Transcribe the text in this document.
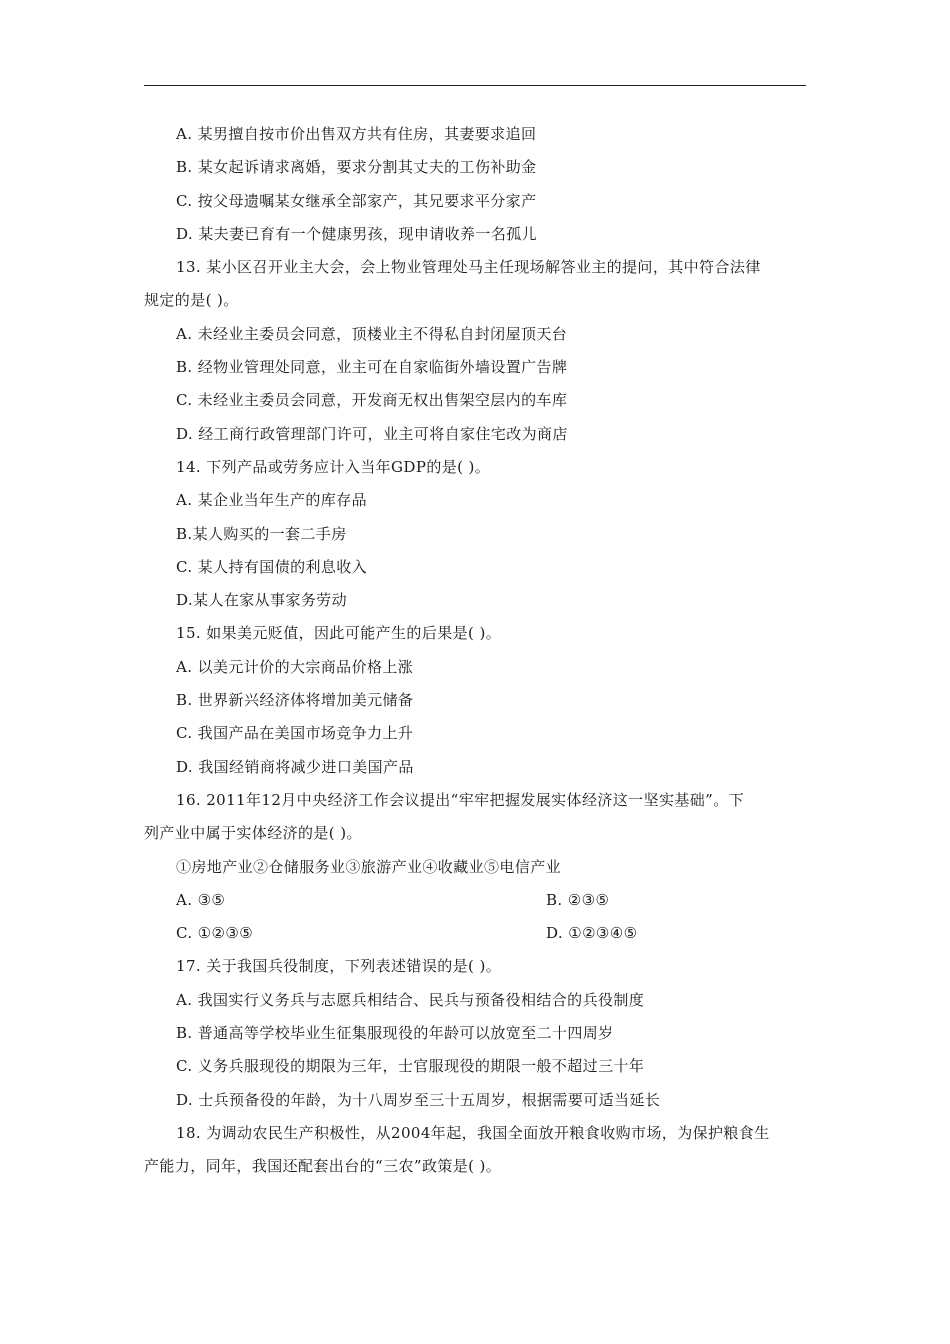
A. 某男擅自按市价出售双方共有住房，其妻要求追回
B. 某女起诉请求离婚，要求分割其丈夫的工伤补助金
C. 按父母遗嘱某女继承全部家产，其兄要求平分家产
D. 某夫妻已育有一个健康男孩，现申请收养一名孤儿
13. 某小区召开业主大会，会上物业管理处马主任现场解答业主的提问，其中符合法律
规定的是( )。
A. 未经业主委员会同意，顶楼业主不得私自封闭屋顶天台
B. 经物业管理处同意，业主可在自家临街外墙设置广告牌
C. 未经业主委员会同意，开发商无权出售架空层内的车库
D. 经工商行政管理部门许可，业主可将自家住宅改为商店
14. 下列产品或劳务应计入当年GDP的是( )。
A. 某企业当年生产的库存品
B.某人购买的一套二手房
C. 某人持有国债的利息收入
D.某人在家从事家务劳动
15. 如果美元贬值，因此可能产生的后果是( )。
A. 以美元计价的大宗商品价格上涨
B. 世界新兴经济体将增加美元储备
C. 我国产品在美国市场竞争力上升
D. 我国经销商将减少进口美国产品
16. 2011年12月中央经济工作会议提出“牢牢把握发展实体经济这一坚实基础”。下
列产业中属于实体经济的是( )。
①房地产业②仓储服务业③旅游产业④收藏业⑤电信产业
A. ③⑤	B. ②③⑤
C. ①②③⑤	D. ①②③④⑤
17. 关于我国兵役制度，下列表述错误的是( )。
A. 我国实行义务兵与志愿兵相结合、民兵与预备役相结合的兵役制度
B. 普通高等学校毕业生征集服现役的年龄可以放宽至二十四周岁
C. 义务兵服现役的期限为三年，士官服现役的期限一般不超过三十年
D. 士兵预备役的年龄，为十八周岁至三十五周岁，根据需要可适当延长
18. 为调动农民生产积极性，从2004年起，我国全面放开粮食收购市场，为保护粮食生
产能力，同年，我国还配套出台的“三农”政策是( )。
